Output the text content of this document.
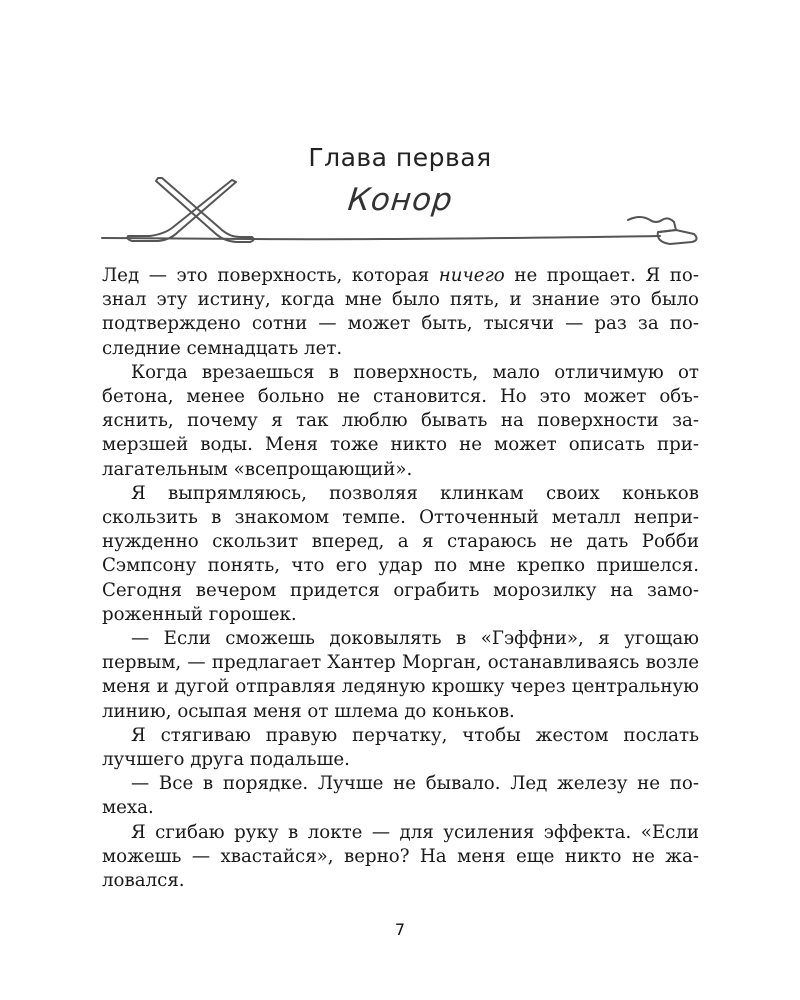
Глава первая
Конор

Лед — это поверхность, которая ничего не прощает. Я познал эту истину, когда мне было пять, и знание это было подтверждено сотни — может быть, тысячи — раз за последние семнадцать лет.

Когда врезаешься в поверхность, мало отличимую от бетона, менее больно не становится. Но это может объяснить, почему я так люблю бывать на поверхности замерзшей воды. Меня тоже никто не может описать прилагательным «всепрощающий».

Я выпрямляюсь, позволяя клинкам своих коньков скользить в знакомом темпе. Отточенный металл непринужденно скользит вперед, а я стараюсь не дать Робби Сэмпсону понять, что его удар по мне крепко пришелся. Сегодня вечером придется ограбить морозилку на замороженный горошек.

— Если сможешь доковылять в «Гэффни», я угощаю первым, — предлагает Хантер Морган, останавливаясь возле меня и дугой отправляя ледяную крошку через центральную линию, осыпая меня от шлема до коньков.

Я стягиваю правую перчатку, чтобы жестом послать лучшего друга подальше.

— Все в порядке. Лучше не бывало. Лед железу не помеха.

Я сгибаю руку в локте — для усиления эффекта. «Если можешь — хвастайся», верно? На меня еще никто не жаловался.

7
